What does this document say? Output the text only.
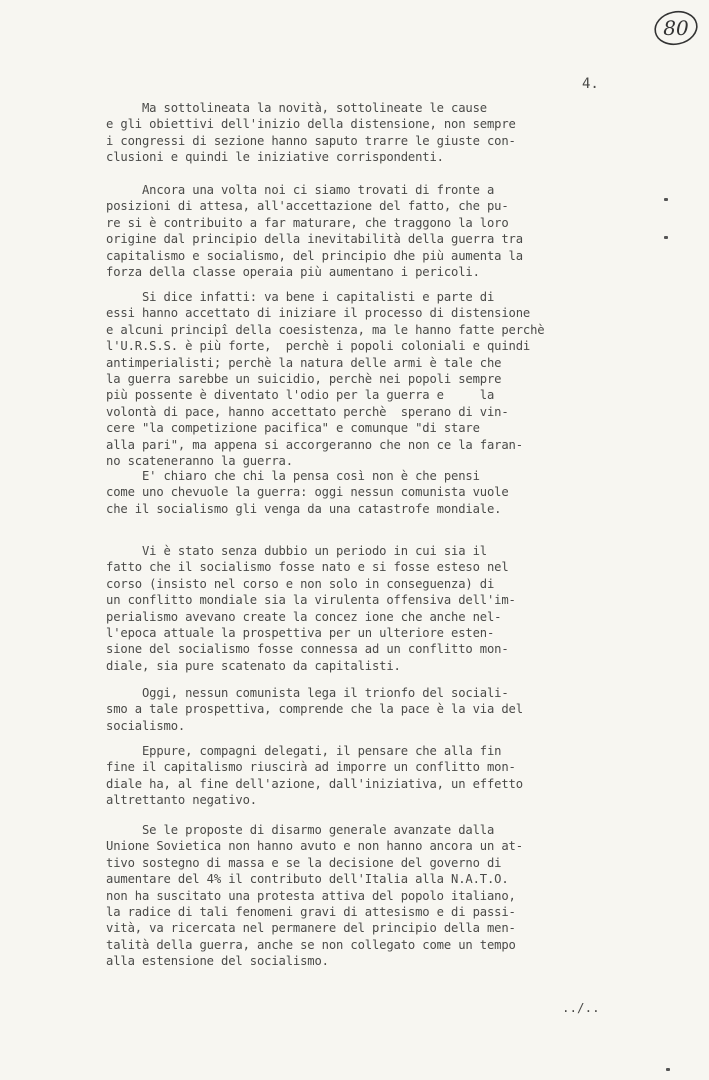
80
4.
Ma sottolineata la novità, sottolineate le cause
e gli obiettivi dell'inizio della distensione, non sempre
i congressi di sezione hanno saputo trarre le giuste con-
clusioni e quindi le iniziative corrispondenti.
Ancora una volta noi ci siamo trovati di fronte a
posizioni di attesa, all'accettazione del fatto, che pu-
re si è contribuito a far maturare, che traggono la loro
origine dal principio della inevitabilità della guerra tra
capitalismo e socialismo, del principio dhe più aumenta la
forza della classe operaia più aumentano i pericoli.
Si dice infatti: va bene i capitalisti e parte di
essi hanno accettato di iniziare il processo di distensione
e alcuni principî della coesistenza, ma le hanno fatte perchè
l'U.R.S.S. è più forte,  perchè i popoli coloniali e quindi
antimperialisti; perchè la natura delle armi è tale che
la guerra sarebbe un suicidio, perchè nei popoli sempre
più possente è diventato l'odio per la guerra e     la
volontà di pace, hanno accettato perchè  sperano di vin-
cere "la competizione pacifica" e comunque "di stare
alla pari", ma appena si accorgeranno che non ce la faran-
no scateneranno la guerra.
E' chiaro che chi la pensa così non è che pensi
come uno chevuole la guerra: oggi nessun comunista vuole
che il socialismo gli venga da una catastrofe mondiale.
Vi è stato senza dubbio un periodo in cui sia il
fatto che il socialismo fosse nato e si fosse esteso nel
corso (insisto nel corso e non solo in conseguenza) di
un conflitto mondiale sia la virulenta offensiva dell'im-
perialismo avevano create la concez ione che anche nel-
l'epoca attuale la prospettiva per un ulteriore esten-
sione del socialismo fosse connessa ad un conflitto mon-
diale, sia pure scatenato da capitalisti.
Oggi, nessun comunista lega il trionfo del sociali-
smo a tale prospettiva, comprende che la pace è la via del
socialismo.
Eppure, compagni delegati, il pensare che alla fin
fine il capitalismo riuscirà ad imporre un conflitto mon-
diale ha, al fine dell'azione, dall'iniziativa, un effetto
altrettanto negativo.
Se le proposte di disarmo generale avanzate dalla
Unione Sovietica non hanno avuto e non hanno ancora un at-
tivo sostegno di massa e se la decisione del governo di
aumentare del 4% il contributo dell'Italia alla N.A.T.O.
non ha suscitato una protesta attiva del popolo italiano,
la radice di tali fenomeni gravi di attesismo e di passi-
vità, va ricercata nel permanere del principio della men-
talità della guerra, anche se non collegato come un tempo
alla estensione del socialismo.
../..
